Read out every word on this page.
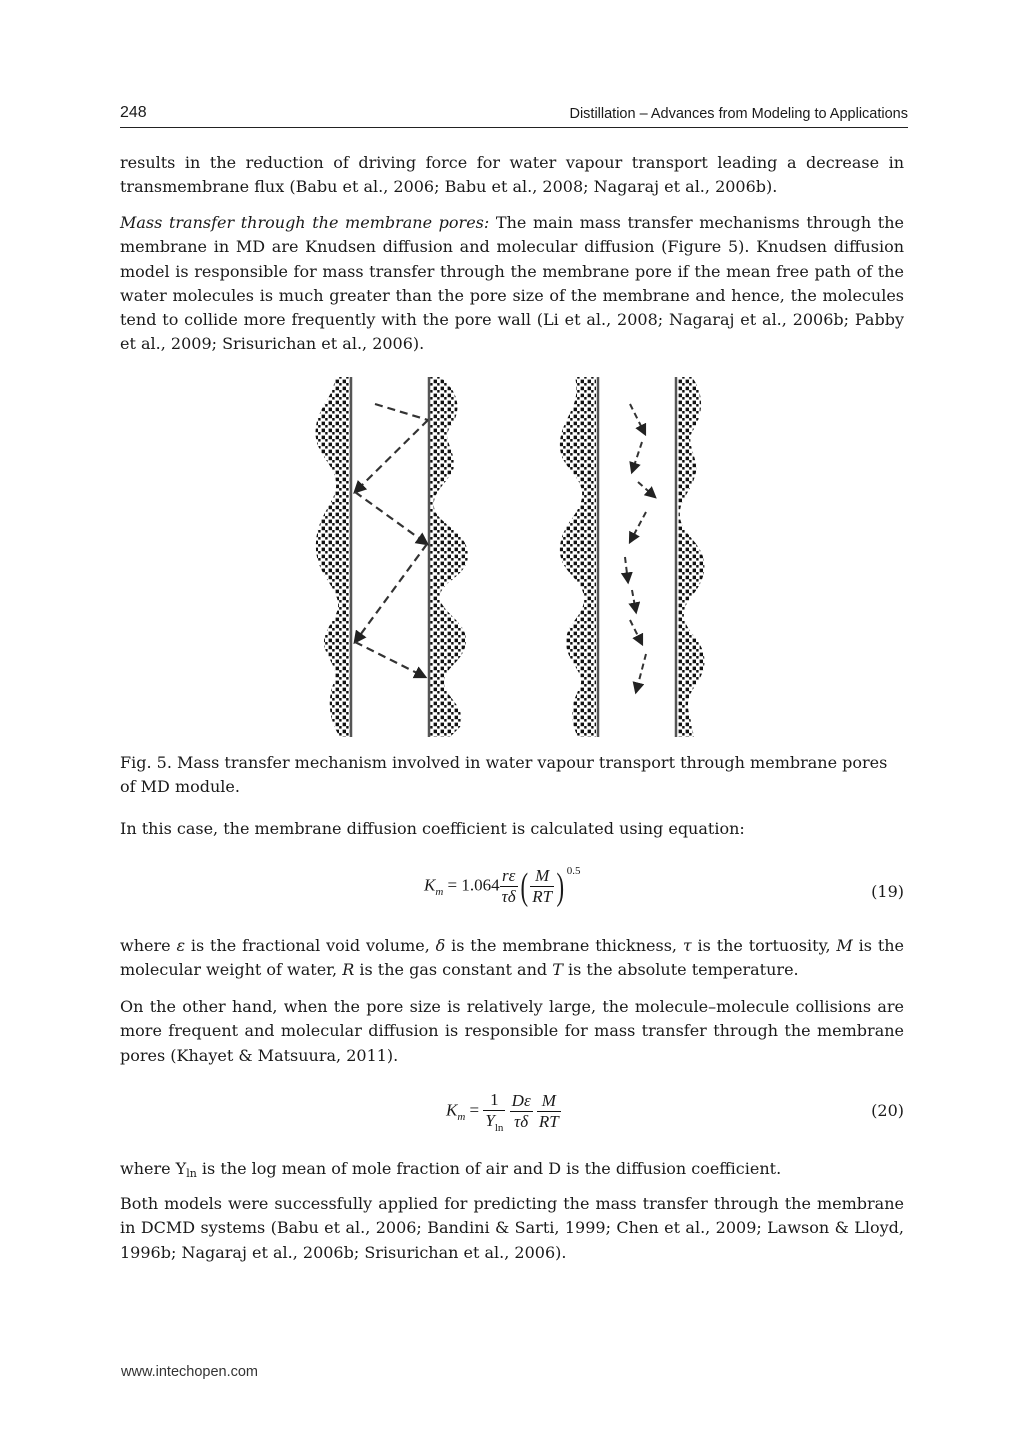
248	Distillation – Advances from Modeling to Applications

results in the reduction of driving force for water vapour transport leading a decrease in transmembrane flux (Babu et al., 2006; Babu et al., 2008; Nagaraj et al., 2006b).

Mass transfer through the membrane pores: The main mass transfer mechanisms through the membrane in MD are Knudsen diffusion and molecular diffusion (Figure 5). Knudsen diffusion model is responsible for mass transfer through the membrane pore if the mean free path of the water molecules is much greater than the pore size of the membrane and hence, the molecules tend to collide more frequently with the pore wall (Li et al., 2008; Nagaraj et al., 2006b; Pabby et al., 2009; Srisurichan et al., 2006).

Fig. 5. Mass transfer mechanism involved in water vapour transport through membrane pores of MD module.

In this case, the membrane diffusion coefficient is calculated using equation:

$K_m = 1.064 \frac{r\varepsilon}{\tau\delta}$ ( $\frac{M}{RT}$ ) $^{0.5}$
(19)

where ε is the fractional void volume, δ is the membrane thickness, τ is the tortuosity, M is the molecular weight of water, R is the gas constant and T is the absolute temperature.

On the other hand, when the pore size is relatively large, the molecule–molecule collisions are more frequent and molecular diffusion is responsible for mass transfer through the membrane pores (Khayet & Matsuura, 2011).

$K_m = \frac{1}{Y_{ln}}$
$\frac{D\varepsilon}{\tau\delta}$
$\frac{M}{RT}$	(20)

where Yln is the log mean of mole fraction of air and D is the diffusion coefficient.

Both models were successfully applied for predicting the mass transfer through the membrane in DCMD systems (Babu et al., 2006; Bandini & Sarti, 1999; Chen et al., 2009; Lawson & Lloyd, 1996b; Nagaraj et al., 2006b; Srisurichan et al., 2006).

www.intechopen.com
